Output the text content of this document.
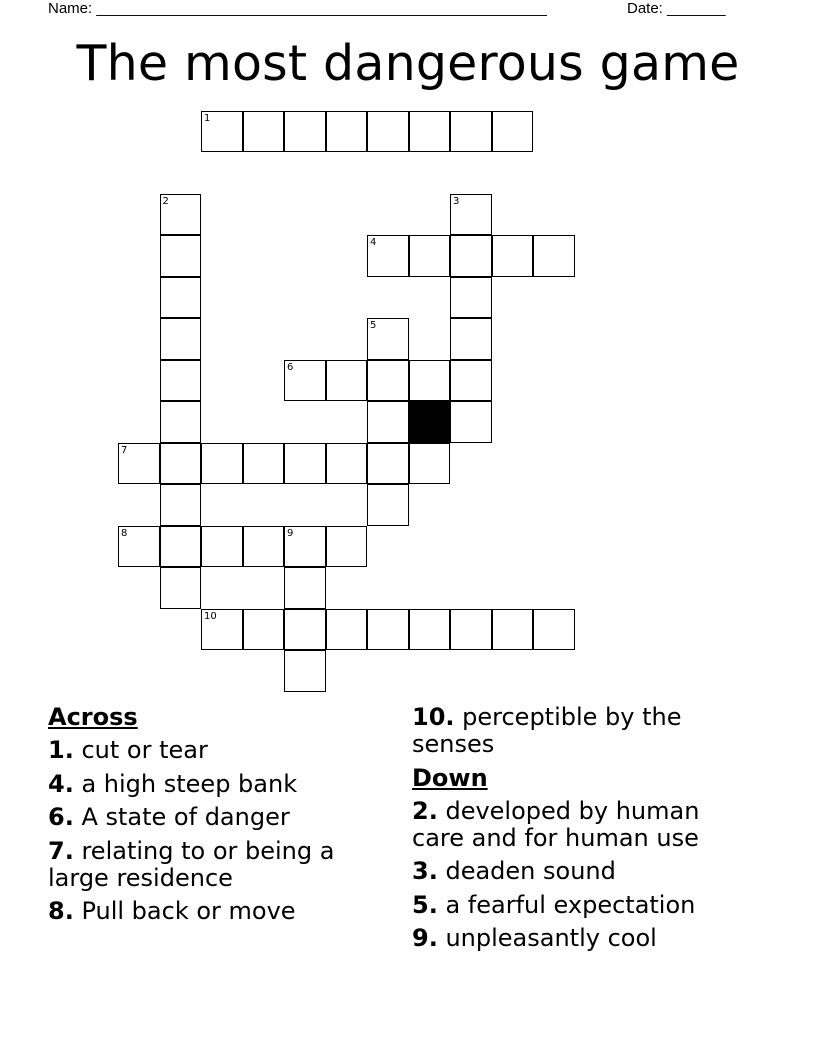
Name: ______________________________________________________	Date: _______
The most dangerous game
1
2	3
4
5
6
7
8	9
10
Across
1. cut or tear
4. a high steep bank
6. A state of danger
7. relating to or being a large residence
8. Pull back or move
10. perceptible by the senses
Down
2. developed by human care and for human use
3. deaden sound
5. a fearful expectation
9. unpleasantly cool
